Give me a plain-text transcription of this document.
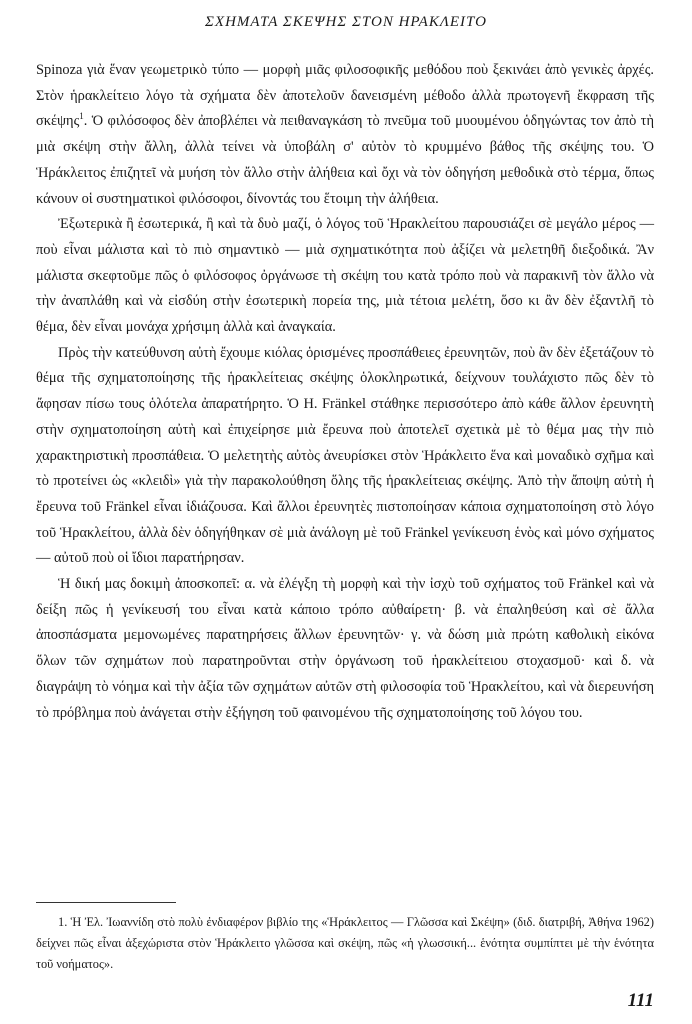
ΣΧΗΜΑΤΑ ΣΚΕΨΗΣ ΣΤΟΝ ΗΡΑΚΛΕΙΤΟ

Spinoza γιὰ ἕναν γεωμετρικὸ τύπο — μορφὴ μιᾶς φιλοσοφικῆς μεθόδου ποὺ ξεκινάει ἀπὸ γενικὲς ἀρχές. Στὸν ἡρακλείτειο λόγο τὰ σχήματα δὲν ἀποτελοῦν δανεισμένη μέθοδο ἀλλὰ πρωτογενῆ ἔκφραση τῆς σκέψης$^1$. Ὁ φιλόσοφος δὲν ἀποβλέπει νὰ πειθαναγκάση τὸ πνεῦμα τοῦ μυουμένου ὁδηγώντας τον ἀπὸ τὴ μιὰ σκέψη στὴν ἄλλη, ἀλλὰ τείνει νὰ ὑποβάλη σ' αὐτὸν τὸ κρυμμένο βάθος τῆς σκέψης του. Ὁ Ἡράκλειτος ἐπιζητεῖ νὰ μυήση τὸν ἄλλο στὴν ἀλήθεια καὶ ὄχι νὰ τὸν ὁδηγήση μεθοδικὰ στὸ τέρμα, ὅπως κάνουν οἱ συστηματικοὶ φιλόσοφοι, δίνοντάς του ἕτοιμη τὴν ἀλήθεια.

Ἐξωτερικὰ ἢ ἐσωτερικά, ἢ καὶ τὰ δυὸ μαζί, ὁ λόγος τοῦ Ἡρακλείτου παρουσιάζει σὲ μεγάλο μέρος — ποὺ εἶναι μάλιστα καὶ τὸ πιὸ σημαντικὸ — μιὰ σχηματικότητα ποὺ ἀξίζει νὰ μελετηθῆ διεξοδικά. Ἂν μάλιστα σκεφτοῦμε πῶς ὁ φιλόσοφος ὀργάνωσε τὴ σκέψη του κατὰ τρόπο ποὺ νὰ παρακινῆ τὸν ἄλλο νὰ τὴν ἀναπλάθη καὶ νὰ εἰσδύη στὴν ἐσωτερικὴ πορεία της, μιὰ τέτοια μελέτη, ὅσο κι ἂν δὲν ἐξαντλῆ τὸ θέμα, δὲν εἶναι μονάχα χρήσιμη ἀλλὰ καὶ ἀναγκαία.

Πρὸς τὴν κατεύθυνση αὐτὴ ἔχουμε κιόλας ὁρισμένες προσπάθειες ἐρευνητῶν, ποὺ ἂν δὲν ἐξετάζουν τὸ θέμα τῆς σχηματοποίησης τῆς ἡρακλείτειας σκέψης ὁλοκληρωτικά, δείχνουν τουλάχιστο πῶς δὲν τὸ ἄφησαν πίσω τους ὁλότελα ἀπαρατήρητο. Ὁ H. Fränkel στάθηκε περισσότερο ἀπὸ κάθε ἄλλον ἐρευνητὴ στὴν σχηματοποίηση αὐτὴ καὶ ἐπιχείρησε μιὰ ἔρευνα ποὺ ἀποτελεῖ σχετικὰ μὲ τὸ θέμα μας τὴν πιὸ χαρακτηριστικὴ προσπάθεια. Ὁ μελετητὴς αὐτὸς ἀνευρίσκει στὸν Ἡράκλειτο ἕνα καὶ μοναδικὸ σχῆμα καὶ τὸ προτείνει ὡς «κλειδὶ» γιὰ τὴν παρακολούθηση ὅλης τῆς ἡρακλείτειας σκέψης. Ἀπὸ τὴν ἄποψη αὐτὴ ἡ ἔρευνα τοῦ Fränkel εἶναι ἰδιάζουσα. Καὶ ἄλλοι ἐρευνητὲς πιστοποίησαν κάποια σχηματοποίηση στὸ λόγο τοῦ Ἡρακλείτου, ἀλλὰ δὲν ὁδηγήθηκαν σὲ μιὰ ἀνάλογη μὲ τοῦ Fränkel γενίκευση ἑνὸς καὶ μόνο σχήματος — αὐτοῦ ποὺ οἱ ἴδιοι παρατήρησαν.

Ἡ δική μας δοκιμὴ ἀποσκοπεῖ: α. νὰ ἐλέγξη τὴ μορφὴ καὶ τὴν ἰσχὺ τοῦ σχήματος τοῦ Fränkel καὶ νὰ δείξη πῶς ἡ γενίκευσή του εἶναι κατὰ κάποιο τρόπο αὐθαίρετη· β. νὰ ἐπαληθεύση καὶ σὲ ἄλλα ἀποσπάσματα μεμονωμένες παρατηρήσεις ἄλλων ἐρευνητῶν· γ. νὰ δώση μιὰ πρώτη καθολικὴ εἰκόνα ὅλων τῶν σχημάτων ποὺ παρατηροῦνται στὴν ὀργάνωση τοῦ ἡρακλείτειου στοχασμοῦ· καὶ δ. νὰ διαγράψη τὸ νόημα καὶ τὴν ἀξία τῶν σχημάτων αὐτῶν στὴ φιλοσοφία τοῦ Ἡρακλείτου, καὶ νὰ διερευνήση τὸ πρόβλημα ποὺ ἀνάγεται στὴν ἐξήγηση τοῦ φαινομένου τῆς σχηματοποίησης τοῦ λόγου του.

1. Ἡ Ἐλ. Ἰωαννίδη στὸ πολὺ ἐνδιαφέρον βιβλίο της «Ἡράκλειτος — Γλῶσσα καὶ Σκέψη» (διδ. διατριβή, Ἀθήνα 1962) δείχνει πῶς εἶναι ἀξεχώριστα στὸν Ἡράκλειτο γλῶσσα καὶ σκέψη, πῶς «ἡ γλωσσική... ἑνότητα συμπίπτει μὲ τὴν ἑνότητα τοῦ νοήματος».
111
